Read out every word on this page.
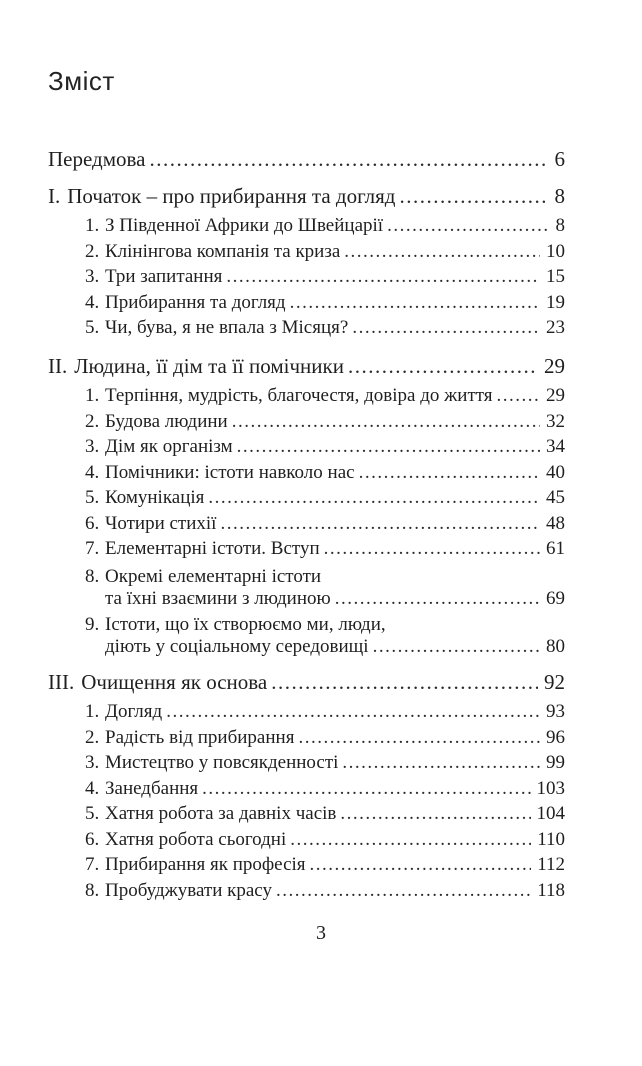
Зміст
Передмова .....	6
І. Початок – про прибирання та догляд .....	8
1. З Південної Африки до Швейцарії .....	8
2. Клінінгова компанія та криза .....	10
3. Три запитання .....	15
4. Прибирання та догляд .....	19
5. Чи, бува, я не впала з Місяця? .....	23
ІІ. Людина, її дім та її помічники .....	29
1. Терпіння, мудрість, благочестя, довіра до життя .....	29
2. Будова людини .....	32
3. Дім як організм .....	34
4. Помічники: істоти навколо нас .....	40
5. Комунікація .....	45
6. Чотири стихії .....	48
7. Елементарні істоти. Вступ .....	61
8. Окремі елементарні істоти
та їхні взаємини з людиною .....	69
9. Істоти, що їх створюємо ми, люди,
діють у соціальному середовищі .....	80
ІІІ. Очищення як основа .....	92
1. Догляд .....	93
2. Радість від прибирання .....	96
3. Мистецтво у повсякденності .....	99
4. Занедбання .....	103
5. Хатня робота за давніх часів .....	104
6. Хатня робота сьогодні .....	110
7. Прибирання як професія .....	112
8. Пробуджувати красу .....	118
3
